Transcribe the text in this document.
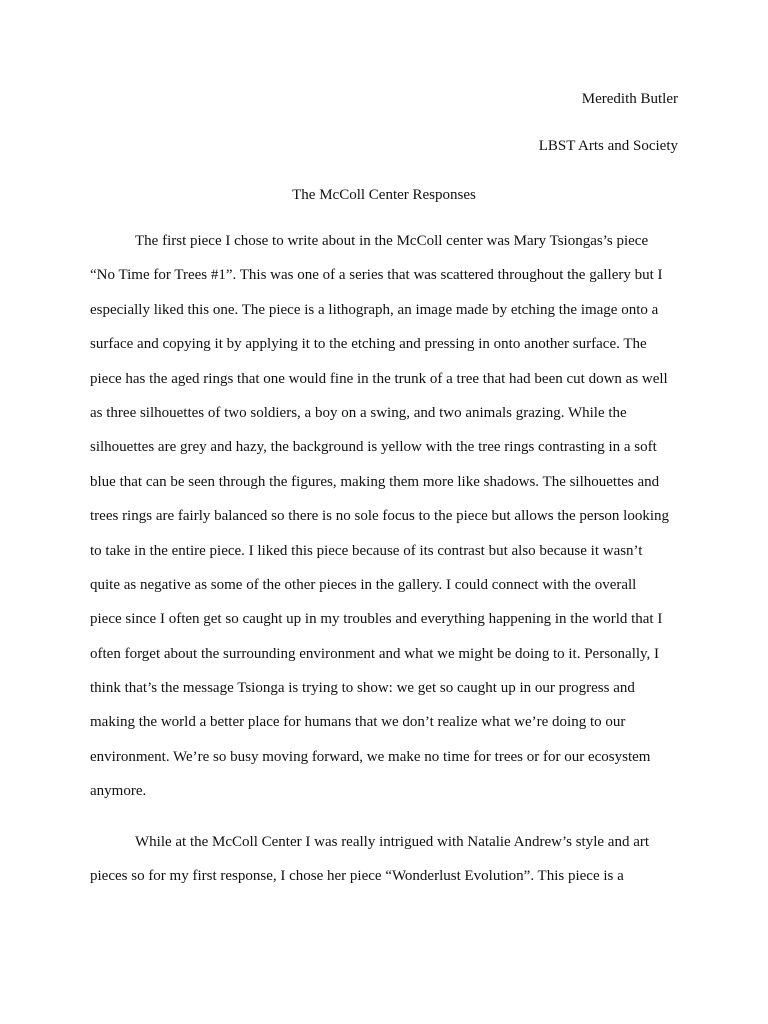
Meredith Butler
LBST Arts and Society
The McColl Center Responses
The first piece I chose to write about in the McColl center was Mary Tsiongas’s piece
“No Time for Trees #1”. This was one of a series that was scattered throughout the gallery but I
especially liked this one. The piece is a lithograph, an image made by etching the image onto a
surface and copying it by applying it to the etching and pressing in onto another surface. The
piece has the aged rings that one would fine in the trunk of a tree that had been cut down as well
as three silhouettes of two soldiers, a boy on a swing, and two animals grazing. While the
silhouettes are grey and hazy, the background is yellow with the tree rings contrasting in a soft
blue that can be seen through the figures, making them more like shadows. The silhouettes and
trees rings are fairly balanced so there is no sole focus to the piece but allows the person looking
to take in the entire piece. I liked this piece because of its contrast but also because it wasn’t
quite as negative as some of the other pieces in the gallery. I could connect with the overall
piece since I often get so caught up in my troubles and everything happening in the world that I
often forget about the surrounding environment and what we might be doing to it. Personally, I
think that’s the message Tsionga is trying to show: we get so caught up in our progress and
making the world a better place for humans that we don’t realize what we’re doing to our
environment. We’re so busy moving forward, we make no time for trees or for our ecosystem
anymore.
While at the McColl Center I was really intrigued with Natalie Andrew’s style and art
pieces so for my first response, I chose her piece “Wonderlust Evolution”. This piece is a
